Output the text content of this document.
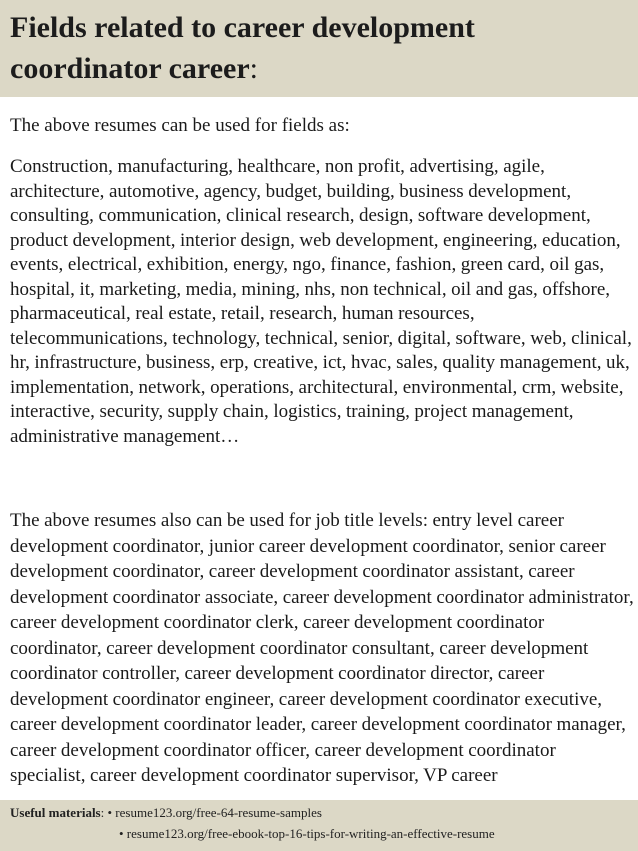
Fields related to career development coordinator career:

The above resumes can be used for fields as:

Construction, manufacturing, healthcare, non profit, advertising, agile, architecture, automotive, agency, budget, building, business development, consulting, communication, clinical research, design, software development, product development, interior design, web development, engineering, education, events, electrical, exhibition, energy, ngo, finance, fashion, green card, oil gas, hospital, it, marketing, media, mining, nhs, non technical, oil and gas, offshore, pharmaceutical, real estate, retail, research, human resources, telecommunications, technology, technical, senior, digital, software, web, clinical, hr, infrastructure, business, erp, creative, ict, hvac, sales, quality management, uk, implementation, network, operations, architectural, environmental, crm, website, interactive, security, supply chain, logistics, training, project management, administrative management…

The above resumes also can be used for job title levels: entry level career development coordinator, junior career development coordinator, senior career development coordinator, career development coordinator assistant, career development coordinator associate, career development coordinator administrator, career development coordinator clerk, career development coordinator coordinator, career development coordinator consultant, career development coordinator controller, career development coordinator director, career development coordinator engineer, career development coordinator executive, career development coordinator leader, career development coordinator manager, career development coordinator officer, career development coordinator specialist, career development coordinator supervisor, VP career

Useful materials: • resume123.org/free-64-resume-samples
• resume123.org/free-ebook-top-16-tips-for-writing-an-effective-resume
